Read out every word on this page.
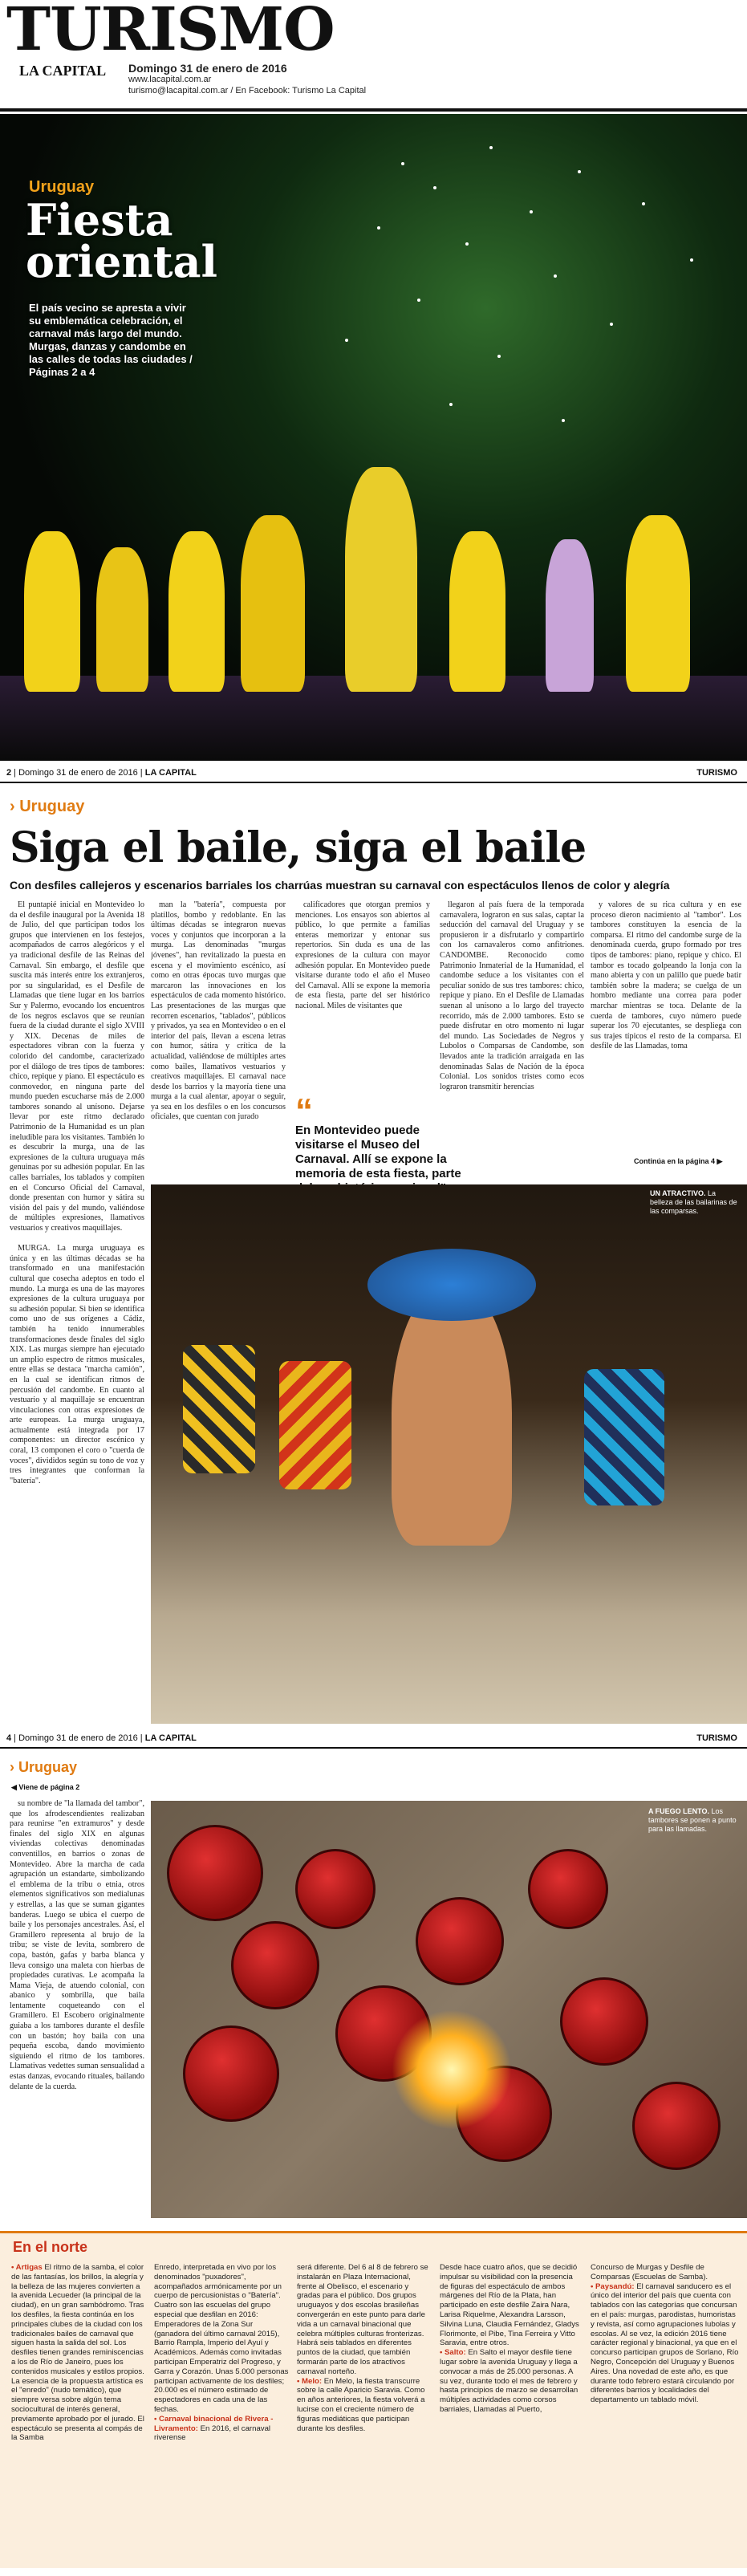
TURISMO
LA CAPITAL Domingo 31 de enero de 2016
www.lacapital.com.ar
turismo@lacapital.com.ar / En Facebook: Turismo La Capital
Uruguay
Fiesta
oriental
El país vecino se apresta a vivir su emblemática celebración, el carnaval más largo del mundo. Murgas, danzas y candombe en las calles de todas las ciudades / Páginas 2 a 4
2 | Domingo 31 de enero de 2016 | LA CAPITAL	TURISMO
› Uruguay
Siga el baile, siga el baile
Con desfiles callejeros y escenarios barriales los charrúas muestran su carnaval con espectáculos llenos de color y alegría

El puntapié inicial en Montevideo lo da el desfile inaugural por la Avenida 18 de Julio, del que participan todos los grupos que intervienen en los festejos, acompañados de carros alegóricos y el ya tradicional desfile de las Reinas del Carnaval. Sin embargo, el desfile que suscita más interés entre los extranjeros, por su singularidad, es el Desfile de Llamadas que tiene lugar en los barrios Sur y Palermo, evocando los encuentros de los negros esclavos que se reunían fuera de la ciudad durante el siglo XVIII y XIX. Decenas de miles de espectadores vibran con la fuerza y colorido del candombe, caracterizado por el diálogo de tres tipos de tambores: chico, repique y piano. El espectáculo es conmovedor, en ninguna parte del mundo pueden escucharse más de 2.000 tambores sonando al unísono. Dejarse llevar por este ritmo declarado Patrimonio de la Humanidad es un plan ineludible para los visitantes. También lo es descubrir la murga, una de las expresiones de la cultura uruguaya más genuinas por su adhesión popular. En las calles barriales, los tablados y compiten en el Concurso Oficial del Carnaval, donde presentan con humor y sátira su visión del país y del mundo, valiéndose de múltiples expresiones, llamativos vestuarios y creativos maquillajes.

MURGA. La murga uruguaya es única y en las últimas décadas se ha transformado en una manifestación cultural que cosecha adeptos en todo el mundo. La murga es una de las mayores expresiones de la cultura uruguaya por su adhesión popular. Si bien se identifica como uno de sus orígenes a Cádiz, también ha tenido innumerables transformaciones desde finales del siglo XIX. Las murgas siempre han ejecutado un amplio espectro de ritmos musicales, entre ellas se destaca "marcha camión", en la cual se identifican ritmos de percusión del candombe. En cuanto al vestuario y al maquillaje se encuentran vinculaciones con otras expresiones de arte europeas. La murga uruguaya, actualmente está integrada por 17 componentes: un director escénico y coral, 13 componen el coro o "cuerda de voces", divididos según su tono de voz y tres integrantes que conforman la "batería".

man la "batería", compuesta por platillos, bombo y redoblante. En las últimas décadas se integraron nuevas voces y conjuntos que incorporan a la murga. Las denominadas "murgas jóvenes", han revitalizado la puesta en escena y el movimiento escénico, así como en otras épocas tuvo murgas que marcaron las innovaciones en los espectáculos de cada momento histórico. Las presentaciones de las murgas que recorren escenarios, "tablados", públicos y privados, ya sea en Montevideo o en el interior del país, llevan a escena letras con humor, sátira y crítica de la actualidad, valiéndose de múltiples artes como bailes, llamativos vestuarios y creativos maquillajes. El carnaval nace desde los barrios y la mayoría tiene una murga a la cual alentar, apoyar o seguir, ya sea en los desfiles o en los concursos oficiales, que cuentan con jurado

calificadores que otorgan premios y menciones. Los ensayos son abiertos al público, lo que permite a familias enteras memorizar y entonar sus repertorios. Sin duda es una de las expresiones de la cultura con mayor adhesión popular. En Montevideo puede visitarse durante todo el año el Museo del Carnaval. Allí se expone la memoria de esta fiesta, parte del ser histórico nacional. Miles de visitantes que

llegaron al país fuera de la temporada carnavalera, lograron en sus salas, captar la seducción del carnaval del Uruguay y se propusieron ir a disfrutarlo y compartirlo con los carnavaleros como anfitriones. CANDOMBE. Reconocido como Patrimonio Inmaterial de la Humanidad, el candombe seduce a los visitantes con el peculiar sonido de sus tres tambores: chico, repique y piano. En el Desfile de Llamadas suenan al unísono a lo largo del trayecto recorrido, más de 2.000 tambores. Esto se puede disfrutar en otro momento ni lugar del mundo. Las Sociedades de Negros y Lubolos o Comparsas de Candombe, son llevados ante la tradición arraigada en las denominadas Salas de Nación de la época Colonial. Los sonidos tristes como ecos lograron transmitir herencias

y valores de su rica cultura y en ese proceso dieron nacimiento al "tambor". Los tambores constituyen la esencia de la comparsa. El ritmo del candombe surge de la denominada cuerda, grupo formado por tres tipos de tambores: piano, repique y chico. El tambor es tocado golpeando la lonja con la mano abierta y con un palillo que puede batir también sobre la madera; se cuelga de un hombro mediante una correa para poder marchar mientras se toca. Delante de la cuerda de tambores, cuyo número puede superar los 70 ejecutantes, se despliega con sus trajes típicos el resto de la comparsa. El desfile de las Llamadas, toma

“
En Montevideo puede visitarse el Museo del Carnaval. Allí se expone la memoria de esta fiesta, parte
Continúa en la página 4 ▶
UN ATRACTIVO. La belleza de las bailarinas de las comparsas.
4 | Domingo 31 de enero de 2016 | LA CAPITAL	TURISMO
› Uruguay
◀ Viene de página 2

su nombre de "la llamada del tambor", que los afrodescendientes realizaban para reunirse "en extramuros" y desde finales del siglo XIX en algunas viviendas colectivas denominadas conventillos, en barrios o zonas de Montevideo. Abre la marcha de cada agrupación un estandarte, simbolizando el emblema de la tribu o etnia, otros elementos significativos son medialunas y estrellas, a las que se suman gigantes banderas. Luego se ubica el cuerpo de baile y los personajes ancestrales. Así, el Gramillero representa al brujo de la tribu; se viste de levita, sombrero de copa, bastón, gafas y barba blanca y lleva consigo una maleta con hierbas de propiedades curativas. Le acompaña la Mama Vieja, de atuendo colonial, con abanico y sombrilla, que baila lentamente coqueteando con el Gramillero. El Escobero originalmente guiaba a los tambores durante el desfile con un bastón; hoy baila con una pequeña escoba, dando movimiento siguiendo el ritmo de los tambores. Llamativas vedettes suman sensualidad a estas danzas, evocando rituales, bailando delante de la cuerda.

A FUEGO LENTO. Los tambores se ponen a punto para las llamadas.
En el norte
• Artigas El ritmo de la samba, el color de las fantasías, los brillos, la alegría y la belleza de las mujeres convierten a la avenida Lecueder (la principal de la ciudad), en un gran sambódromo. Tras los desfiles, la fiesta continúa en los principales clubes de la ciudad con los tradicionales bailes de carnaval que siguen hasta la salida del sol. Los desfiles tienen grandes reminiscencias a los de Río de Janeiro, pues los contenidos musicales y estilos propios. La esencia de la propuesta artística es el "enredo" (nudo temático), que siempre versa sobre algún tema sociocultural de interés general, previamente aprobado por el jurado. El espectáculo se presenta al compás de la Samba
Enredo, interpretada en vivo por los denominados "puxadores", acompañados armónicamente por un cuerpo de percusionistas o "Batería". Cuatro son las escuelas del grupo especial que desfilan en 2016: Emperadores de la Zona Sur (ganadora del último carnaval 2015), Barrio Rampla, Imperio del Ayuí y Académicos. Además como invitadas participan Emperatriz del Progreso, y Garra y Corazón. Unas 5.000 personas participan activamente de los desfiles; 20.000 es el número estimado de espectadores en cada una de las fechas.
• Carnaval binacional de Rivera - Livramento: En 2016, el carnaval riverense
será diferente. Del 6 al 8 de febrero se instalarán en Plaza Internacional, frente al Obelisco, el escenario y gradas para el público. Dos grupos uruguayos y dos escolas brasileñas convergerán en este punto para darle vida a un carnaval binacional que celebra múltiples culturas fronterizas. Habrá seis tablados en diferentes puntos de la ciudad, que también formarán parte de los atractivos carnaval norteño.
• Melo: En Melo, la fiesta transcurre sobre la calle Aparicio Saravia. Como en años anteriores, la fiesta volverá a lucirse con el creciente número de figuras mediáticas que participan durante los desfiles.
Desde hace cuatro años, que se decidió impulsar su visibilidad con la presencia de figuras del espectáculo de ambos márgenes del Río de la Plata, han participado en este desfile Zaira Nara, Larisa Riquelme, Alexandra Larsson, Silvina Luna, Claudia Fernández, Gladys Florimonte, el Pibe, Tina Ferreira y Vitto Saravia, entre otros.
• Salto: En Salto el mayor desfile tiene lugar sobre la avenida Uruguay y llega a convocar a más de 25.000 personas. A su vez, durante todo el mes de febrero y hasta principios de marzo se desarrollan múltiples actividades como corsos barriales, Llamadas al Puerto,
Concurso de Murgas y Desfile de Comparsas (Escuelas de Samba).
• Paysandú: El carnaval sanducero es el único del interior del país que cuenta con tablados con las categorías que concursan en el país: murgas, parodistas, humoristas y revista, así como agrupaciones lubolas y escolas. Al se vez, la edición 2016 tiene carácter regional y binacional, ya que en el concurso participan grupos de Sorlano, Río Negro, Concepción del Uruguay y Buenos Aires. Una novedad de este año, es que durante todo febrero estará circulando por diferentes barrios y localidades del departamento un tablado móvil.
